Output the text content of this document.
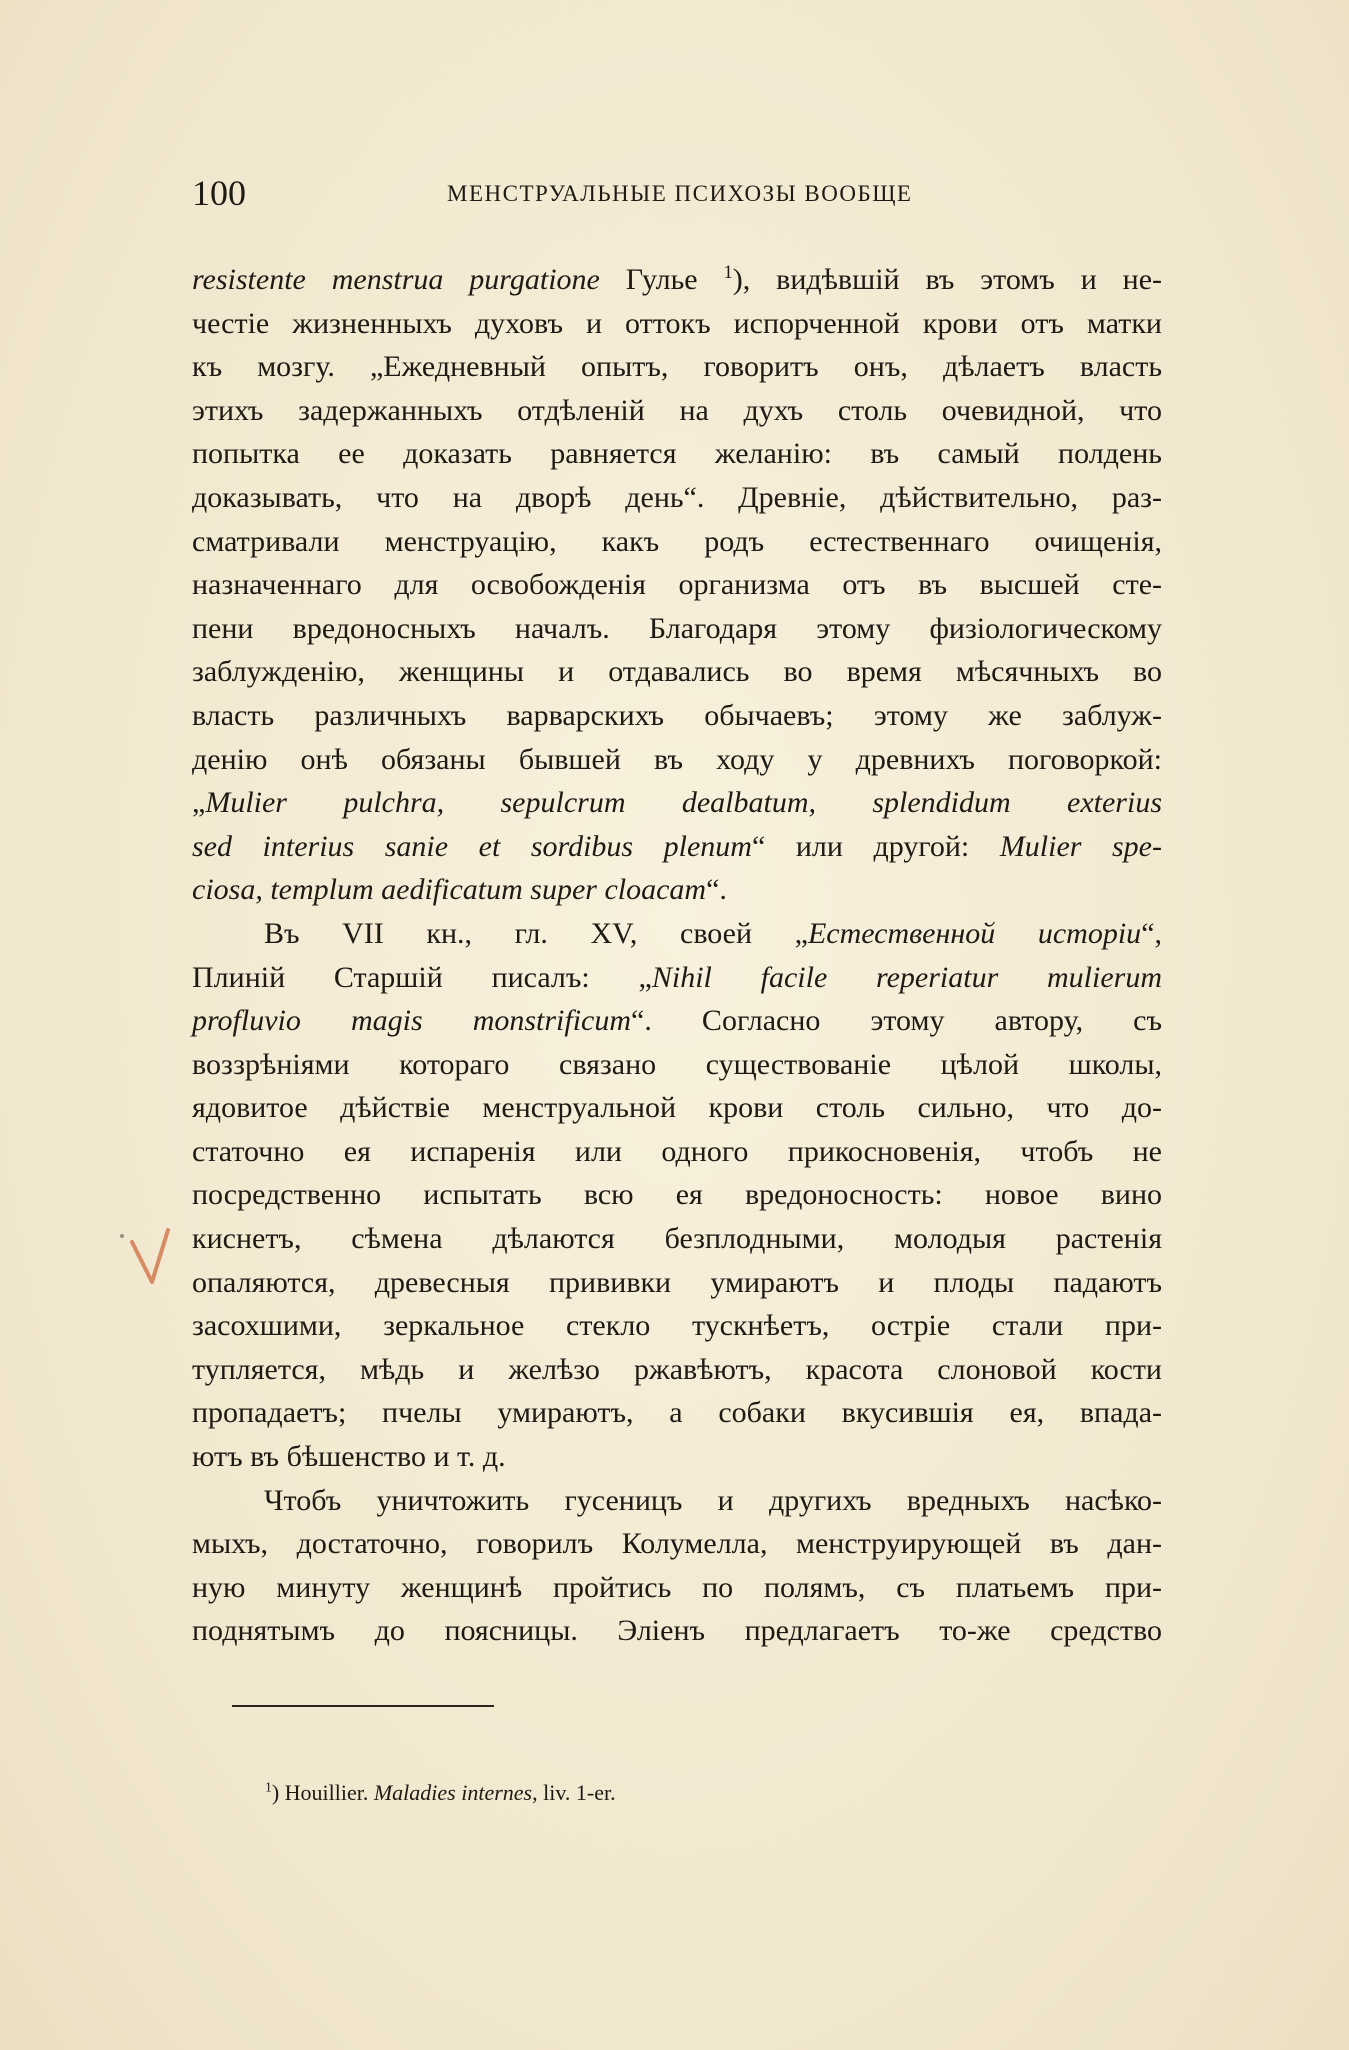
100	МЕНСТРУАЛЬНЫЕ ПСИХОЗЫ ВООБЩЕ
resistente menstrua purgatione Гулье $^1$), видѣвшій въ этомъ и не-
честіе жизненныхъ духовъ и оттокъ испорченной крови отъ матки
къ мозгу. „Ежедневный опытъ, говоритъ онъ, дѣлаетъ власть
этихъ задержанныхъ отдѣленій на духъ столь очевидной, что
попытка ее доказать равняется желанію: въ самый полдень
доказывать, что на дворѣ день“. Древніе, дѣйствительно, раз-
сматривали менструацію, какъ родъ естественнаго очищенія,
назначеннаго для освобожденія организма отъ въ высшей сте-
пени вредоносныхъ началъ. Благодаря этому физіологическому
заблужденію, женщины и отдавались во время мѣсячныхъ во
власть различныхъ варварскихъ обычаевъ; этому же заблуж-
денію онѣ обязаны бывшей въ ходу у древнихъ поговоркой:
„Mulier pulchra, sepulcrum dealbatum, splendidum exterius
sed interius sanie et sordibus plenum“ или другой: Mulier spe-
ciosa, templum aedificatum super cloacam“.
Въ VII кн., гл. XV, своей „Естественной исторіи“,
Плиній Старшій писалъ: „Nihil facile reperiatur mulierum
profluvio magis monstrificum“. Согласно этому автору, съ
воззрѣніями котораго связано существованіе цѣлой школы,
ядовитое дѣйствіе менструальной крови столь сильно, что до-
статочно ея испаренія или одного прикосновенія, чтобъ не
посредственно испытать всю ея вредоносность: новое вино
киснетъ, сѣмена дѣлаются безплодными, молодыя растенія
опаляются, древесныя прививки умираютъ и плоды падаютъ
засохшими, зеркальное стекло тускнѣетъ, остріе стали при-
тупляется, мѣдь и желѣзо ржавѣютъ, красота слоновой кости
пропадаетъ; пчелы умираютъ, а собаки вкусившія ея, впада-
ютъ въ бѣшенство и т. д.
Чтобъ уничтожить гусеницъ и другихъ вредныхъ насѣко-
мыхъ, достаточно, говорилъ Колумелла, менструирующей въ дан-
ную минуту женщинѣ пройтись по полямъ, съ платьемъ при-
поднятымъ до поясницы. Эліенъ предлагаетъ то-же средство
$^1$) Houillier. Maladies internes, liv. 1-er.
